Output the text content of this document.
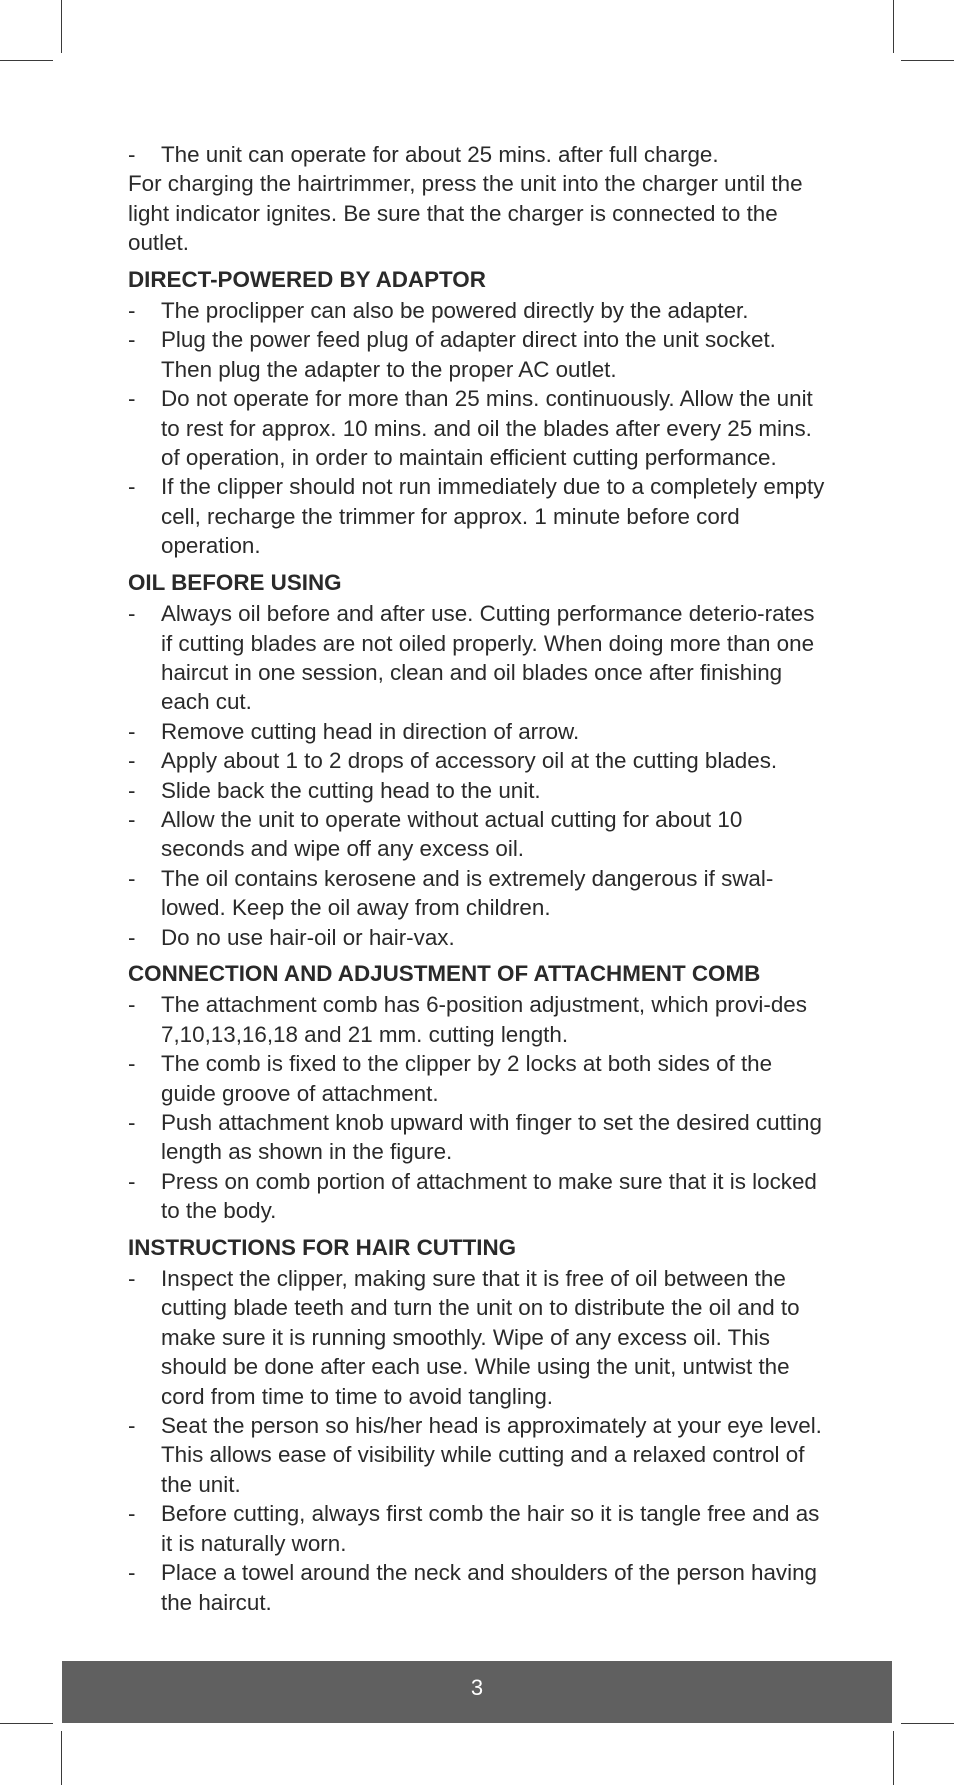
- The unit can operate for about 25 mins. after full charge.

For charging the hairtrimmer, press the unit into the charger until the light indicator ignites. Be sure that the charger is connected to the outlet.

DIRECT-POWERED BY ADAPTOR

- The proclipper can also be powered directly by the adapter.
- Plug the power feed plug of adapter direct into the unit socket. Then plug the adapter to the proper AC outlet.
- Do not operate for more than 25 mins. continuously. Allow the unit to rest for approx. 10 mins. and oil the blades after every 25 mins. of operation, in order to maintain efficient cutting performance.
- If the clipper should not run immediately due to a completely empty cell, recharge the trimmer for approx. 1 minute before cord operation.

OIL BEFORE USING

- Always oil before and after use. Cutting performance deterio-rates if cutting blades are not oiled properly. When doing more than one haircut in one session, clean and oil blades once after finishing each cut.
- Remove cutting head in direction of arrow.
- Apply about 1 to 2 drops of accessory oil at the cutting blades.
- Slide back the cutting head to the unit.
- Allow the unit to operate without actual cutting for about 10 seconds and wipe off any excess oil.
- The oil contains kerosene and is extremely dangerous if swal-lowed. Keep the oil away from children.
- Do no use hair-oil or hair-vax.

CONNECTION AND ADJUSTMENT OF ATTACHMENT COMB

- The attachment comb has 6-position adjustment, which provi-des 7,10,13,16,18 and 21 mm. cutting length.
- The comb is fixed to the clipper by 2 locks at both sides of the guide groove of attachment.
- Push attachment knob upward with finger to set the desired cutting length as shown in the figure.
- Press on comb portion of attachment to make sure that it is locked to the body.

INSTRUCTIONS FOR HAIR CUTTING

- Inspect the clipper, making sure that it is free of oil between the cutting blade teeth and turn the unit on to distribute the oil and to make sure it is running smoothly. Wipe of any excess oil. This should be done after each use. While using the unit, untwist the cord from time to time to avoid tangling.
- Seat the person so his/her head is approximately at your eye level. This allows ease of visibility while cutting and a relaxed control of the unit.
- Before cutting, always first comb the hair so it is tangle free and as it is naturally worn.
- Place a towel around the neck and shoulders of the person having the haircut.
3
